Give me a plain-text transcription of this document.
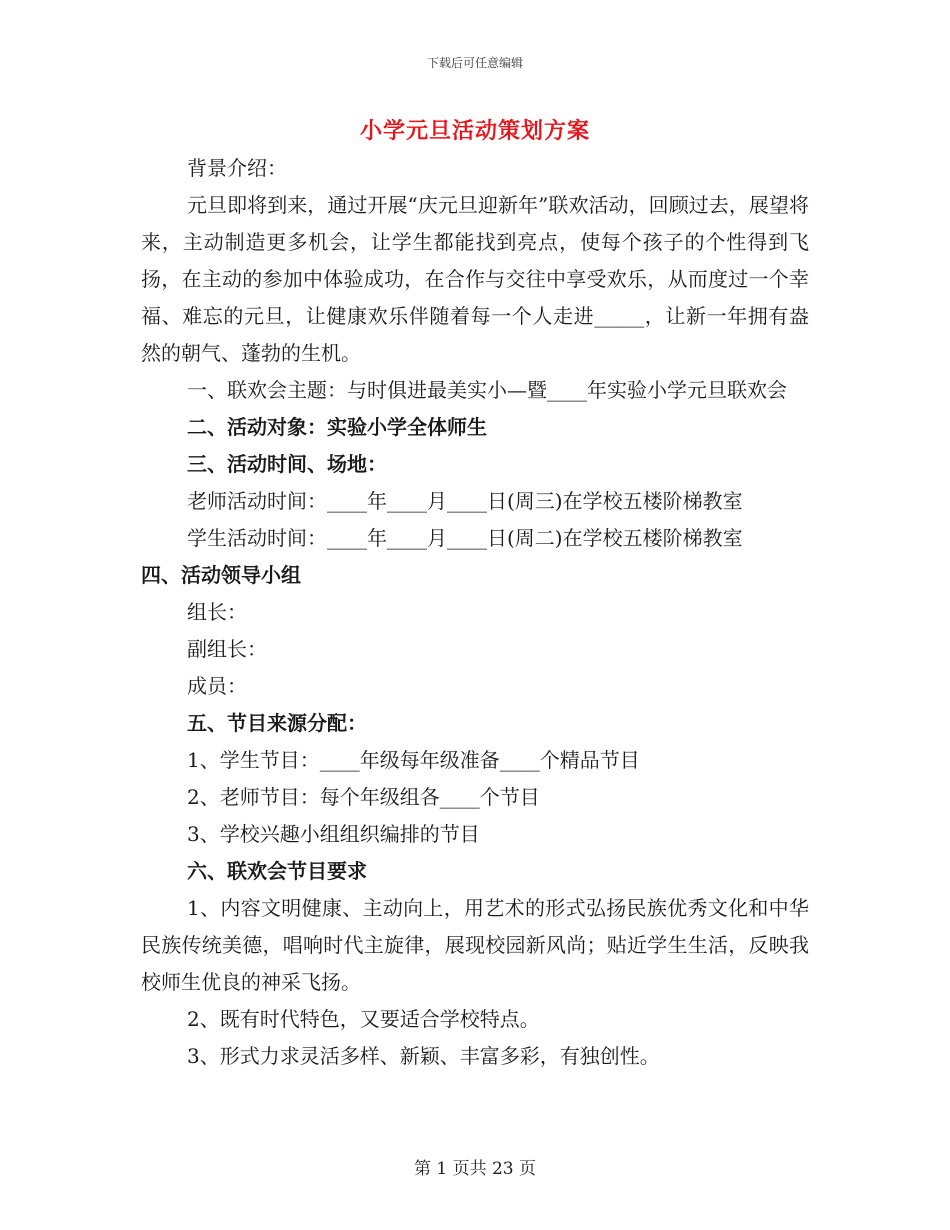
下载后可任意编辑
小学元旦活动策划方案

背景介绍：

元旦即将到来，通过开展“庆元旦迎新年”联欢活动，回顾过去，展望将来，主动制造更多机会，让学生都能找到亮点，使每个孩子的个性得到飞扬，在主动的参加中体验成功，在合作与交往中享受欢乐，从而度过一个幸福、难忘的元旦，让健康欢乐伴随着每一个人走进_____，让新一年拥有盎然的朝气、蓬勃的生机。

一、联欢会主题：与时俱进最美实小—暨____年实验小学元旦联欢会

二、活动对象：实验小学全体师生

三、活动时间、场地：

老师活动时间：____年____月____日(周三)在学校五楼阶梯教室

学生活动时间：____年____月____日(周二)在学校五楼阶梯教室

四、活动领导小组

组长：

副组长：

成员：

五、节目来源分配：

1、学生节目：____年级每年级准备____个精品节目

2、老师节目：每个年级组各____个节目

3、学校兴趣小组组织编排的节目

六、联欢会节目要求

1、内容文明健康、主动向上，用艺术的形式弘扬民族优秀文化和中华民族传统美德，唱响时代主旋律，展现校园新风尚；贴近学生生活，反映我校师生优良的神采飞扬。

2、既有时代特色，又要适合学校特点。

3、形式力求灵活多样、新颖、丰富多彩，有独创性。

第 1 页共 23 页
